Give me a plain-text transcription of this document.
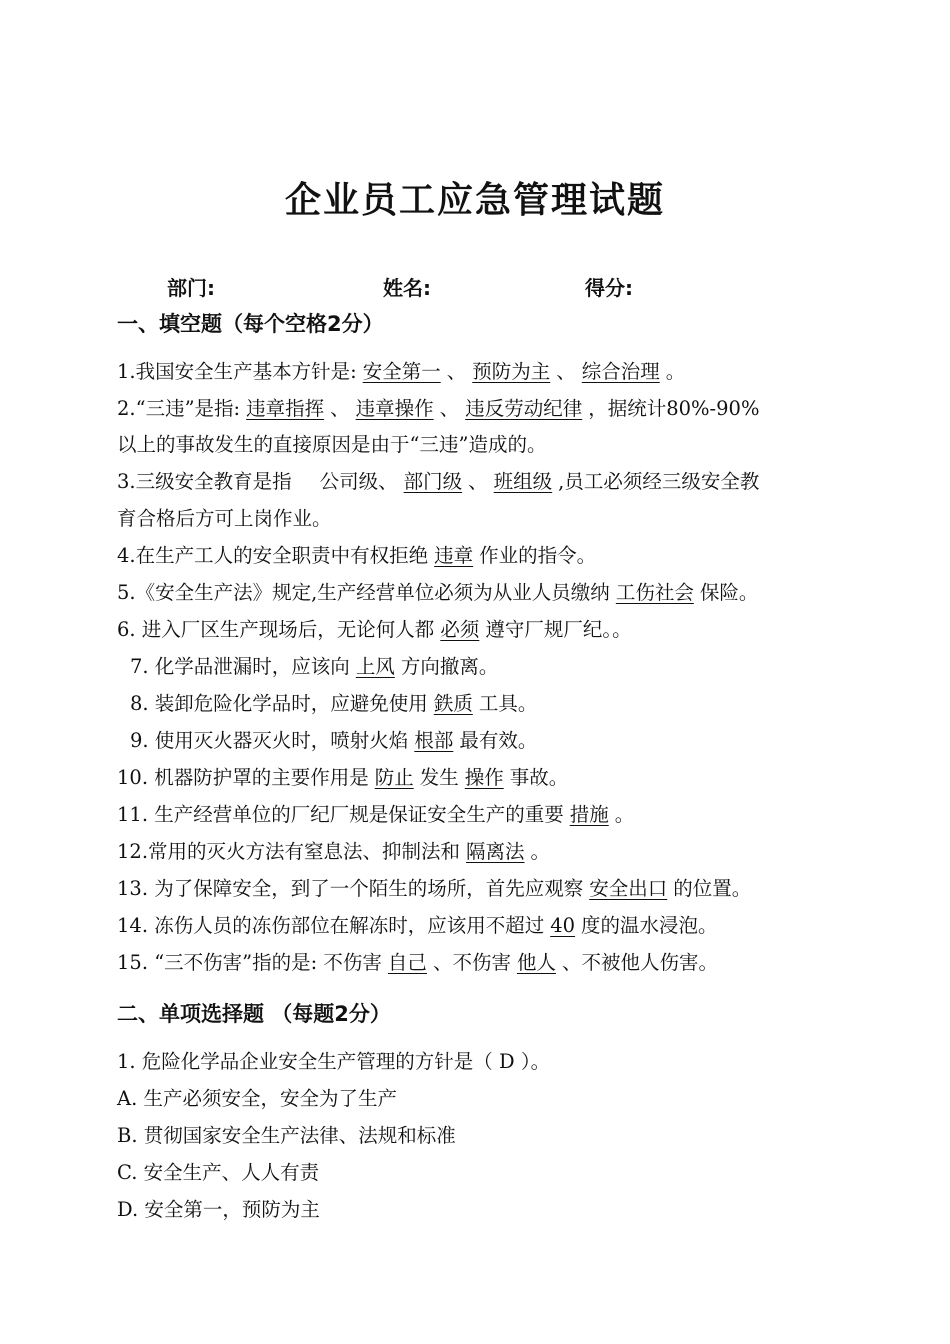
企业员工应急管理试题
部门:	姓名:	得分:
一、填空题（每个空格2分）
1.我国安全生产基本方针是: 安全第一 、 预防为主 、 综合治理 。
2.“三违”是指: 违章指挥 、 违章操作 、 违反劳动纪律 ，据统计80%-90%
以上的事故发生的直接原因是由于“三违”造成的。
3.三级安全教育是指 公司级、 部门级 、 班组级 ,员工必须经三级安全教
育合格后方可上岗作业。
4.在生产工人的安全职责中有权拒绝 违章 作业的指令。
5.《安全生产法》规定,生产经营单位必须为从业人员缴纳 工伤社会 保险。
6. 进入厂区生产现场后，无论何人都 必须 遵守厂规厂纪。。
7. 化学品泄漏时，应该向 上风 方向撤离。
8. 装卸危险化学品时，应避免使用 鉄质 工具。
9. 使用灭火器灭火时，喷射火焰 根部 最有效。
10. 机器防护罩的主要作用是 防止 发生 操作 事故。
11. 生产经营单位的厂纪厂规是保证安全生产的重要 措施 。
12.常用的灭火方法有窒息法、抑制法和 隔离法 。
13. 为了保障安全，到了一个陌生的场所，首先应观察 安全出口 的位置。
14. 冻伤人员的冻伤部位在解冻时，应该用不超过 40 度的温水浸泡。
15. “三不伤害”指的是: 不伤害 自己 、不伤害 他人 、不被他人伤害。
二、单项选择题 （每题2分）
1. 危险化学品企业安全生产管理的方针是（ D ）。
A. 生产必须安全，安全为了生产
B. 贯彻国家安全生产法律、法规和标准
C. 安全生产、人人有责
D. 安全第一，预防为主
